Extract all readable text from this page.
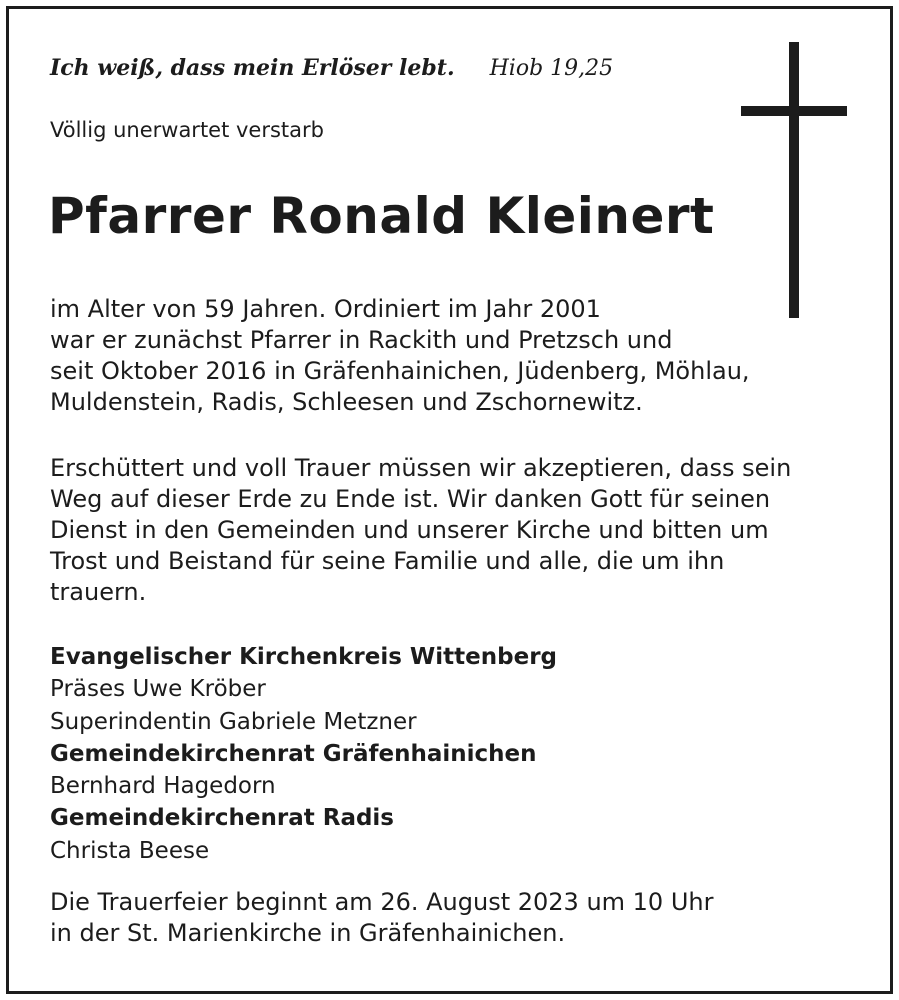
Ich weiß, dass mein Erlöser lebt. Hiob 19,25
Völlig unerwartet verstarb
Pfarrer Ronald Kleinert
im Alter von 59 Jahren. Ordiniert im Jahr 2001
war er zunächst Pfarrer in Rackith und Pretzsch und
seit Oktober 2016 in Gräfenhainichen, Jüdenberg, Möhlau,
Muldenstein, Radis, Schleesen und Zschornewitz.
Erschüttert und voll Trauer müssen wir akzeptieren, dass sein
Weg auf dieser Erde zu Ende ist. Wir danken Gott für seinen
Dienst in den Gemeinden und unserer Kirche und bitten um
Trost und Beistand für seine Familie und alle, die um ihn
trauern.
Evangelischer Kirchenkreis Wittenberg
Präses Uwe Kröber
Superindentin Gabriele Metzner
Gemeindekirchenrat Gräfenhainichen
Bernhard Hagedorn
Gemeindekirchenrat Radis
Christa Beese
Die Trauerfeier beginnt am 26. August 2023 um 10 Uhr
in der St. Marienkirche in Gräfenhainichen.
